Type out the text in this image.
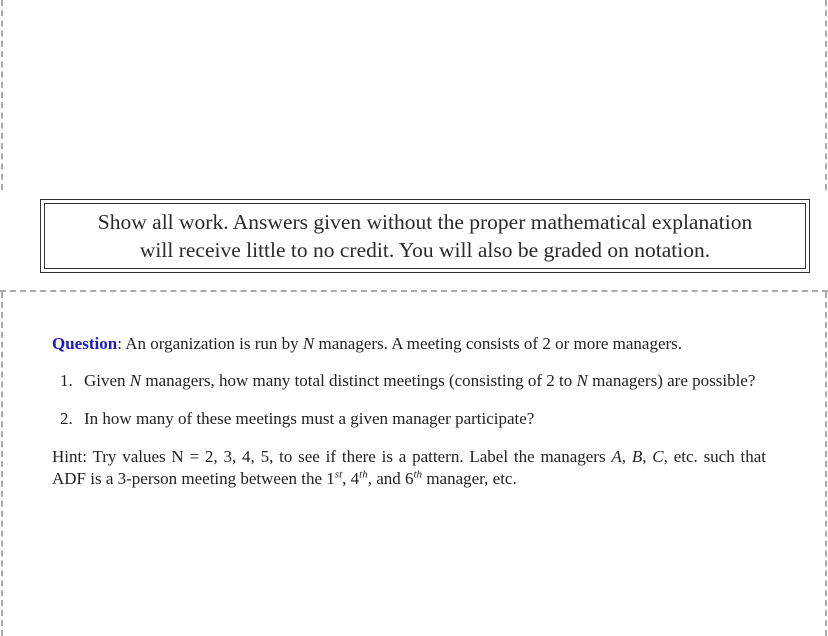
Show all work. Answers given without the proper mathematical explanation
will receive little to no credit. You will also be graded on notation.

Question: An organization is run by N managers. A meeting consists of 2 or more managers.

1. Given N managers, how many total distinct meetings (consisting of 2 to N managers) are possible?
2. In how many of these meetings must a given manager participate?

Hint: Try values N = 2, 3, 4, 5, to see if there is a pattern. Label the managers A, B, C, etc. such that ADF is a 3-person meeting between the 1st, 4th, and 6th manager, etc.
